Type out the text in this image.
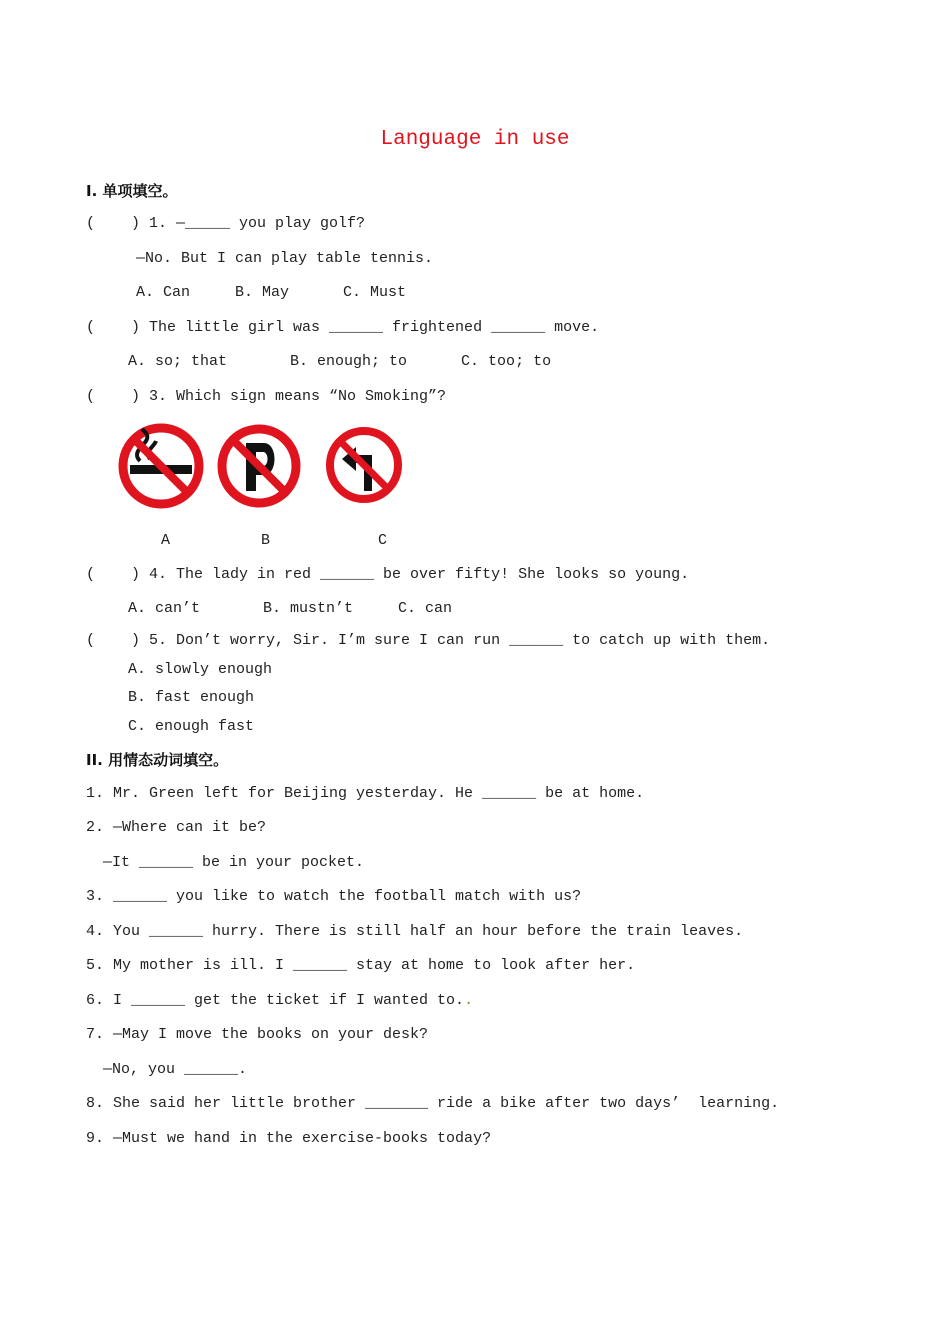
Language in use
I. 单项填空。
(    ) 1. —_____ you play golf?
—No. But I can play table tennis.
A. Can     B. May      C. Must
(    ) The little girl was ______ frightened ______ move.
A. so; that       B. enough; to      C. too; to
(    ) 3. Which sign means “No Smoking”?
A	B	C
(    ) 4. The lady in red ______ be over fifty! She looks so young.
A. can’t       B. mustn’t     C. can
(    ) 5. Don’t worry, Sir. I’m sure I can run ______ to catch up with them.
A. slowly enough
B. fast enough
C. enough fast
II. 用情态动词填空。
1. Mr. Green left for Beijing yesterday. He ______ be at home.
2. —Where can it be?
—It ______ be in your pocket.
3. ______ you like to watch the football match with us?
4. You ______ hurry. There is still half an hour before the train leaves.
5. My mother is ill. I ______ stay at home to look after her.
6. I ______ get the ticket if I wanted to..
7. —May I move the books on your desk?
—No, you ______.
8. She said her little brother _______ ride a bike after two days’  learning.
9. —Must we hand in the exercise-books today?
